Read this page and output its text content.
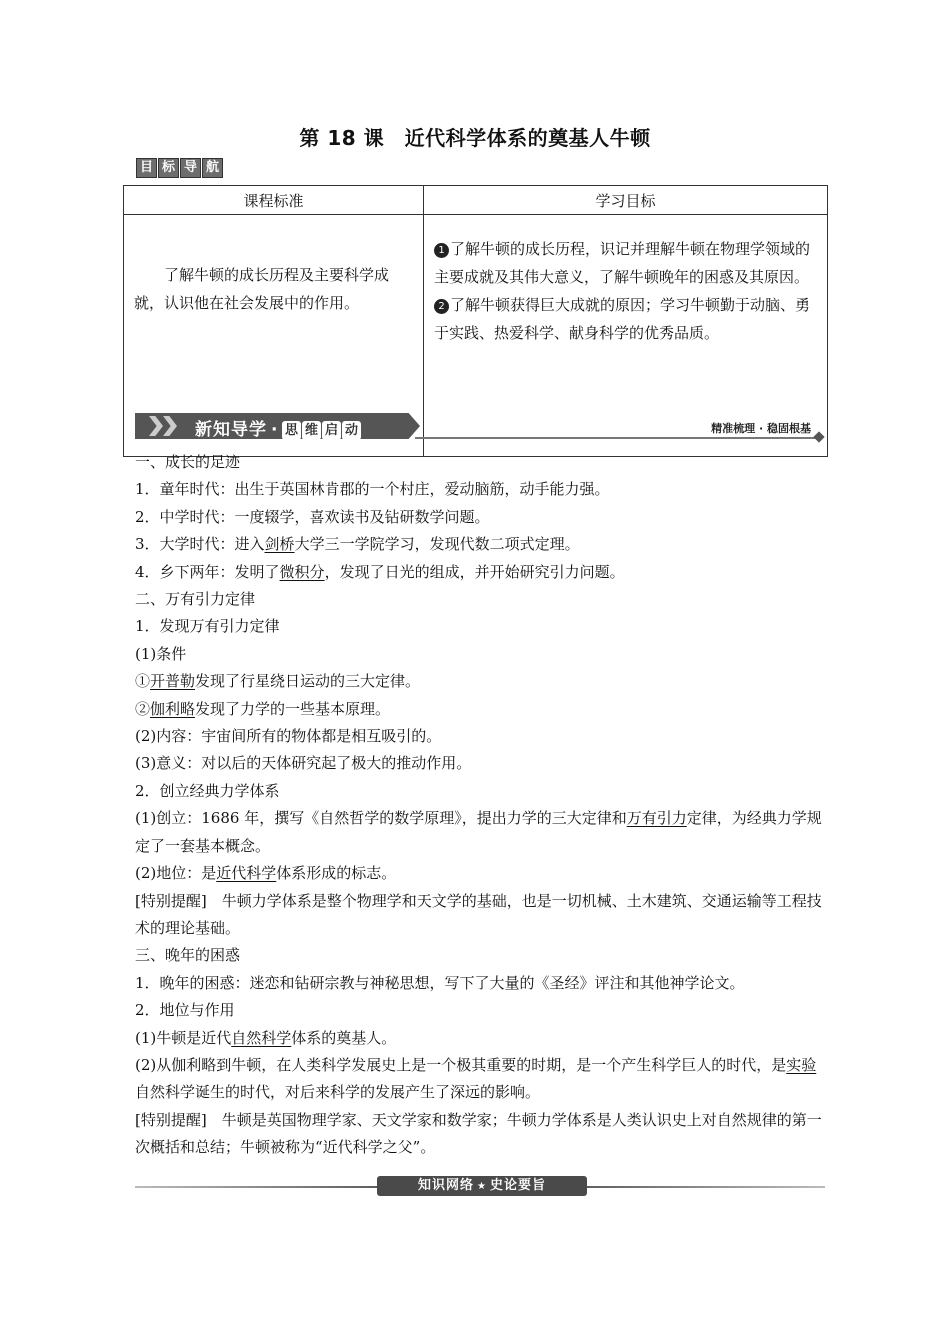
第 18 课　近代科学体系的奠基人牛顿
目 标 导 航
课程标准	学习目标
了解牛顿的成长历程及主要科学成就，认识他在社会发展中的作用。	1 了解牛顿的成长历程，识记并理解牛顿在物理学领域的主要成就及其伟大意义，了解牛顿晚年的困惑及其原因。
2 了解牛顿获得巨大成就的原因；学习牛顿勤于动脑、勇于实践、热爱科学、献身科学的优秀品质。
新知导学 · 思 维 启 动	精准梳理 · 稳固根基

一、成长的足迹

1．童年时代：出生于英国林肯郡的一个村庄，爱动脑筋，动手能力强。

2．中学时代：一度辍学，喜欢读书及钻研数学问题。

3．大学时代：进入剑桥大学三一学院学习，发现代数二项式定理。

4．乡下两年：发明了微积分，发现了日光的组成，并开始研究引力问题。

二、万有引力定律

1．发现万有引力定律

(1)条件

①开普勒发现了行星绕日运动的三大定律。

②伽利略发现了力学的一些基本原理。

(2)内容：宇宙间所有的物体都是相互吸引的。

(3)意义：对以后的天体研究起了极大的推动作用。

2．创立经典力学体系

(1)创立：1686 年，撰写《自然哲学的数学原理》，提出力学的三大定律和万有引力定律，为经典力学规定了一套基本概念。

(2)地位：是近代科学体系形成的标志。

[特别提醒]　牛顿力学体系是整个物理学和天文学的基础，也是一切机械、土木建筑、交通运输等工程技术的理论基础。

三、晚年的困惑

1．晚年的困惑：迷恋和钻研宗教与神秘思想，写下了大量的《圣经》评注和其他神学论文。

2．地位与作用

(1)牛顿是近代自然科学体系的奠基人。

(2)从伽利略到牛顿，在人类科学发展史上是一个极其重要的时期，是一个产生科学巨人的时代，是实验自然科学诞生的时代，对后来科学的发展产生了深远的影响。

[特别提醒]　牛顿是英国物理学家、天文学家和数学家；牛顿力学体系是人类认识史上对自然规律的第一次概括和总结；牛顿被称为“近代科学之父”。

知识网络 ★ 史论要旨
